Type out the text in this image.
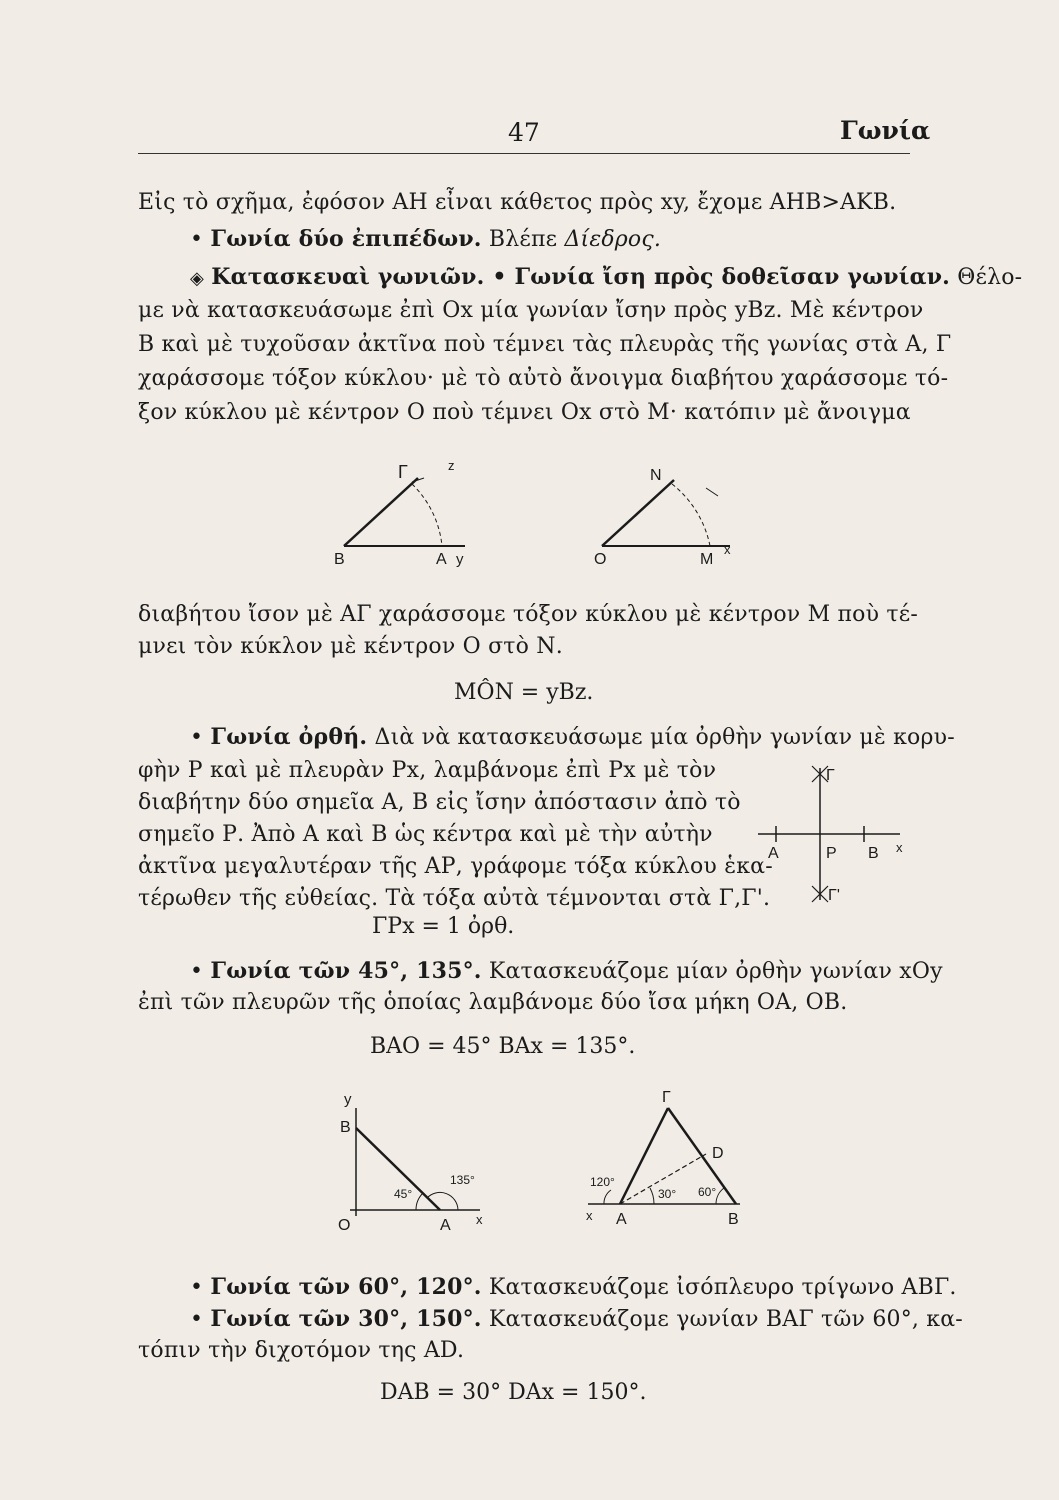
47	Γωνία
Εἰς τὸ σχῆμα, ἐφόσον ΑΗ εἶναι κάθετος πρὸς xy, ἔχομε ΑΗΒ>ΑΚΒ.
• Γωνία δύο ἐπιπέδων. Βλέπε Δίεδρος.
◈ Κατασκευαὶ γωνιῶν. • Γωνία ἴση πρὸς δοθεῖσαν γωνίαν. Θέλο-
με νὰ κατασκευάσωμε ἐπὶ Ox μία γωνίαν ἴσην πρὸς yBz. Μὲ κέντρον
Β καὶ μὲ τυχοῦσαν ἀκτῖνα ποὺ τέμνει τὰς πλευρὰς τῆς γωνίας στὰ Α, Γ
χαράσσομε τόξον κύκλου· μὲ τὸ αὐτὸ ἄνοιγμα διαβήτου χαράσσομε τό-
ξον κύκλου μὲ κέντρον Ο ποὺ τέμνει Ox στὸ Μ· κατόπιν μὲ ἄνοιγμα
Γ	z
B	A y
N
O	M
x
διαβήτου ἴσον μὲ ΑΓ χαράσσομε τόξον κύκλου μὲ κέντρον Μ ποὺ τέ-
μνει τὸν κύκλον μὲ κέντρον Ο στὸ Ν.
ΜÔΝ = yBz.
• Γωνία ὀρθή. Διὰ νὰ κατασκευάσωμε μία ὀρθὴν γωνίαν μὲ κορυ-
φὴν Ρ καὶ μὲ πλευρὰν Ρx, λαμβάνομε ἐπὶ Ρx μὲ τὸν
διαβήτην δύο σημεῖα Α, Β εἰς ἴσην ἀπόστασιν ἀπὸ τὸ
σημεῖο Ρ. Ἀπὸ Α καὶ Β ὡς κέντρα καὶ μὲ τὴν αὐτὴν
ἀκτῖνα μεγαλυτέραν τῆς ΑΡ, γράφομε τόξα κύκλου ἑκα-
τέρωθεν τῆς εὐθείας. Τὰ τόξα αὐτὰ τέμνονται στὰ Γ,Γ'.
Γ
A	P B x
Γ'
ΓΡx = 1 ὀρθ.
• Γωνία τῶν 45°, 135°. Κατασκευάζομε μίαν ὀρθὴν γωνίαν xOy
ἐπὶ τῶν πλευρῶν τῆς ὁποίας λαμβάνομε δύο ἴσα μήκη ΟΑ, ΟΒ.
ΒΑΟ = 45° ΒΑx = 135°.
y
B
O	A x
45°
135°
Γ
D
x A	B
120°
30° 60°
• Γωνία τῶν 60°, 120°. Κατασκευάζομε ἰσόπλευρο τρίγωνο ΑΒΓ.
• Γωνία τῶν 30°, 150°. Κατασκευάζομε γωνίαν ΒΑΓ τῶν 60°, κα-
τόπιν τὴν διχοτόμον της ΑD.
DAB = 30° DAx = 150°.
